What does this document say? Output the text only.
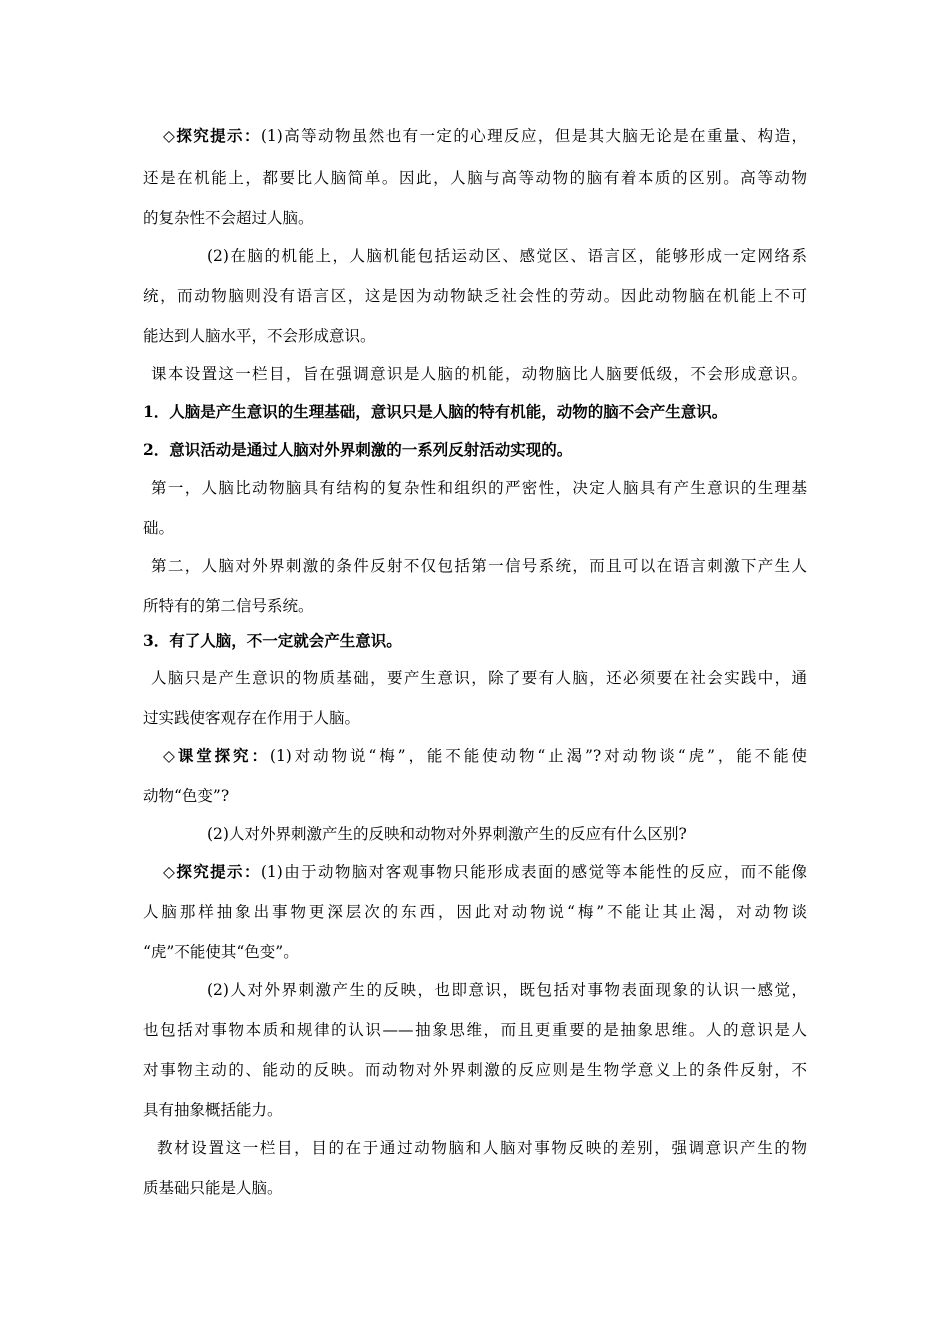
◇探究提示：(1)高等动物虽然也有一定的心理反应，但是其大脑无论是在重量、构造，
还是在机能上，都要比人脑简单。因此，人脑与高等动物的脑有着本质的区别。高等动物
的复杂性不会超过人脑。
(2)在脑的机能上，人脑机能包括运动区、感觉区、语言区，能够形成一定网络系
统，而动物脑则没有语言区，这是因为动物缺乏社会性的劳动。因此动物脑在机能上不可
能达到人脑水平，不会形成意识。
课本设置这一栏目，旨在强调意识是人脑的机能，动物脑比人脑要低级，不会形成意识。
1．人脑是产生意识的生理基础，意识只是人脑的特有机能，动物的脑不会产生意识。
2．意识活动是通过人脑对外界刺激的一系列反射活动实现的。
第一，人脑比动物脑具有结构的复杂性和组织的严密性，决定人脑具有产生意识的生理基
础。
第二，人脑对外界刺激的条件反射不仅包括第一信号系统，而且可以在语言刺激下产生人
所特有的第二信号系统。
3．有了人脑，不一定就会产生意识。
人脑只是产生意识的物质基础，要产生意识，除了要有人脑，还必须要在社会实践中，通
过实践使客观存在作用于人脑。
◇课堂探究：(1)对动物说“梅”，能不能使动物“止渴”?对动物谈“虎”，能不能使
动物“色变”?
(2)人对外界刺激产生的反映和动物对外界刺激产生的反应有什么区别?
◇探究提示：(1)由于动物脑对客观事物只能形成表面的感觉等本能性的反应，而不能像
人脑那样抽象出事物更深层次的东西，因此对动物说“梅”不能让其止渴，对动物谈
“虎”不能使其“色变”。
(2)人对外界刺激产生的反映，也即意识，既包括对事物表面现象的认识一感觉，
也包括对事物本质和规律的认识——抽象思维，而且更重要的是抽象思维。人的意识是人
对事物主动的、能动的反映。而动物对外界刺激的反应则是生物学意义上的条件反射，不
具有抽象概括能力。
教材设置这一栏目，目的在于通过动物脑和人脑对事物反映的差别，强调意识产生的物
质基础只能是人脑。
